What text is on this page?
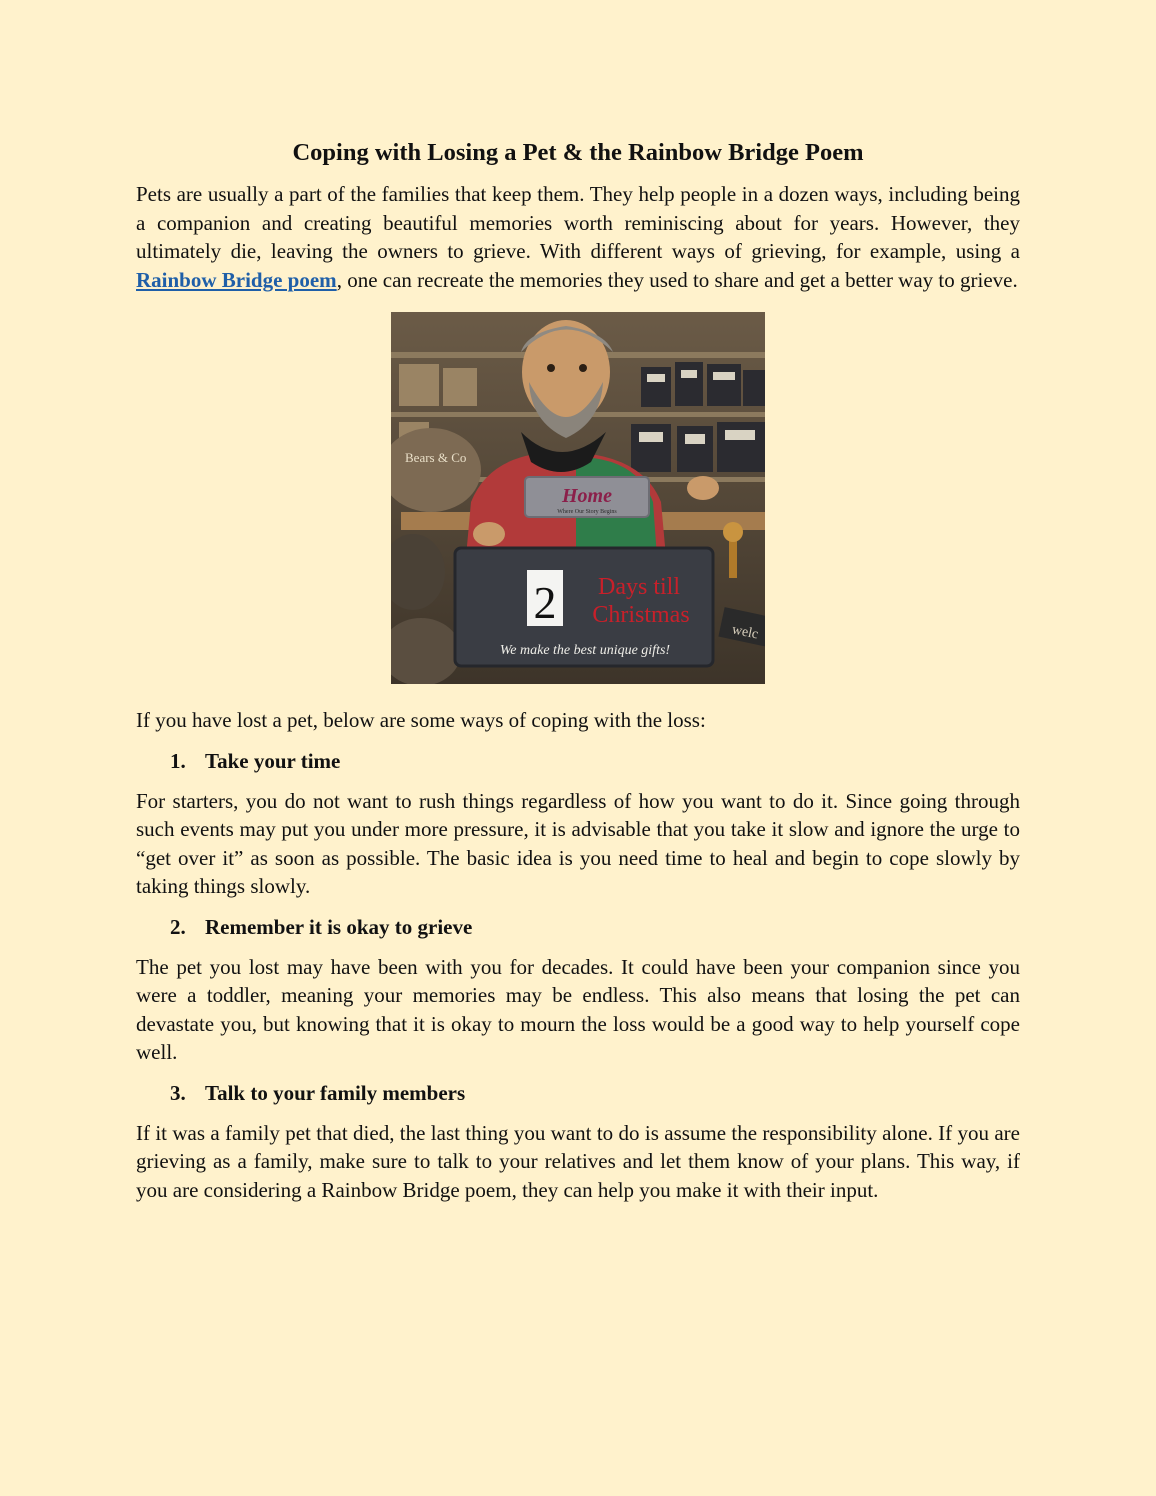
Coping with Losing a Pet & the Rainbow Bridge Poem

Pets are usually a part of the families that keep them. They help people in a dozen ways, including being a companion and creating beautiful memories worth reminiscing about for years. However, they ultimately die, leaving the owners to grieve. With different ways of grieving, for example, using a Rainbow Bridge poem, one can recreate the memories they used to share and get a better way to grieve.

Bears & Co
Home
Where Our Story Begins
2 Days till
Christmas
We make the best unique gifts!
welc

If you have lost a pet, below are some ways of coping with the loss:

1. Take your time

For starters, you do not want to rush things regardless of how you want to do it. Since going through such events may put you under more pressure, it is advisable that you take it slow and ignore the urge to “get over it” as soon as possible. The basic idea is you need time to heal and begin to cope slowly by taking things slowly.

2. Remember it is okay to grieve

The pet you lost may have been with you for decades. It could have been your companion since you were a toddler, meaning your memories may be endless. This also means that losing the pet can devastate you, but knowing that it is okay to mourn the loss would be a good way to help yourself cope well.

3. Talk to your family members

If it was a family pet that died, the last thing you want to do is assume the responsibility alone. If you are grieving as a family, make sure to talk to your relatives and let them know of your plans. This way, if you are considering a Rainbow Bridge poem, they can help you make it with their input.
